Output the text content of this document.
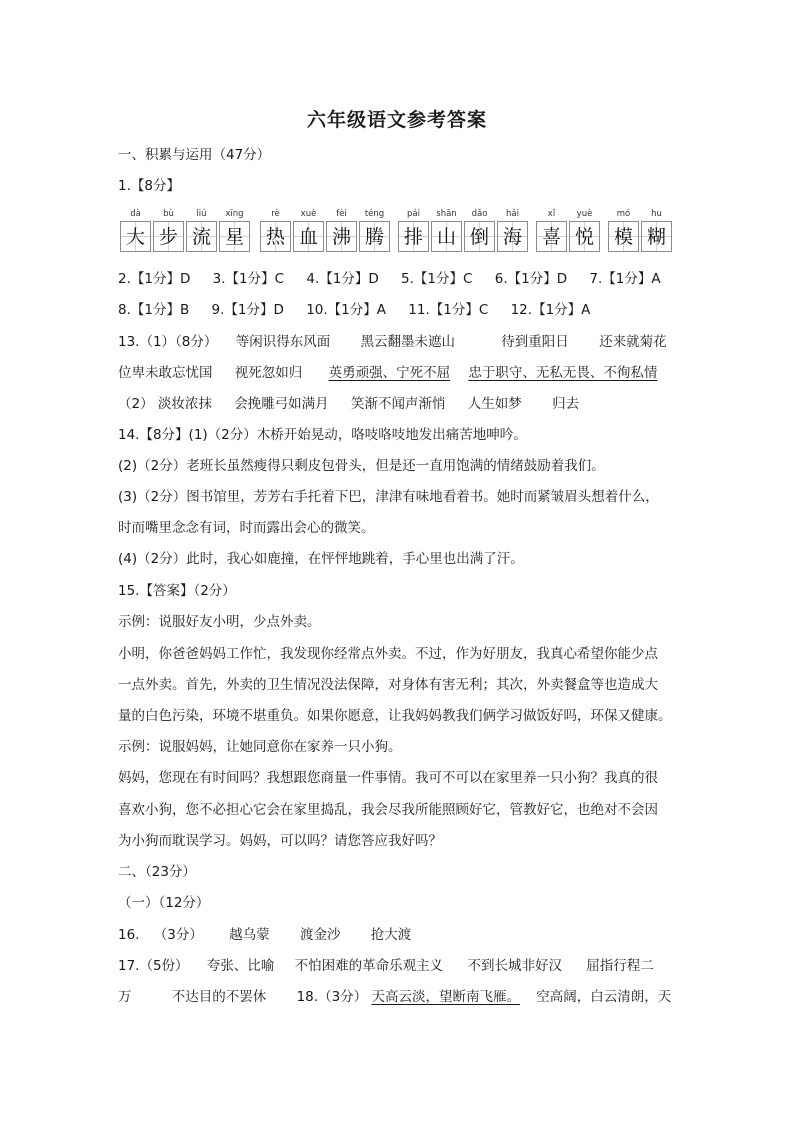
六年级语文参考答案
一、积累与运用（47分）
1.【8分】
dà
大
bù
步
liú
流
xīng
星
rè
热
xuè
血
fèi
沸
téng
腾
pái
排
shān
山
dǎo
倒
hǎi
海
xǐ
喜
yuè
悦
mó
模
hu
糊
2.【1分】D 3.【1分】C 4.【1分】D 5.【1分】C 6.【1分】D 7.【1分】A
8.【1分】B 9.【1分】D 10.【1分】A 11.【1分】C 12.【1分】A
13.（1）（8分） 等闲识得东风面 黑云翻墨未遮山	待到重阳日 还来就菊花
位卑未敢忘忧国 视死忽如归 英勇顽强、宁死不屈 忠于职守、无私无畏、不徇私情
（2） 淡妆浓抹 会挽雕弓如满月 笑渐不闻声渐悄 人生如梦 归去
14.【8分】(1)（2分）木桥开始晃动，咯吱咯吱地发出痛苦地呻吟。
(2)（2分）老班长虽然瘦得只剩皮包骨头，但是还一直用饱满的情绪鼓励着我们。
(3)（2分）图书馆里，芳芳右手托着下巴，津津有味地看着书。她时而紧皱眉头想着什么，
时而嘴里念念有词，时而露出会心的微笑。
(4)（2分）此时，我心如鹿撞，在怦怦地跳着，手心里也出满了汗。
15.【答案】（2分）
示例：说服好友小明，少点外卖。
小明，你爸爸妈妈工作忙，我发现你经常点外卖。不过，作为好朋友，我真心希望你能少点
一点外卖。首先，外卖的卫生情况没法保障，对身体有害无利；其次，外卖餐盒等也造成大
量的白色污染，环境不堪重负。如果你愿意，让我妈妈教我们俩学习做饭好吗，环保又健康。
示例：说服妈妈，让她同意你在家养一只小狗。
妈妈，您现在有时间吗？我想跟您商量一件事情。我可不可以在家里养一只小狗？我真的很
喜欢小狗，您不必担心它会在家里捣乱，我会尽我所能照顾好它，管教好它，也绝对不会因
为小狗而耽误学习。妈妈，可以吗？请您答应我好吗？
二、（23分）
（一）（12分）
16. （3分） 越乌蒙 渡金沙 抢大渡
17.（5份） 夸张、比喻 不怕困难的革命乐观主义 不到长城非好汉 屈指行程二
万	不达目的不罢休 18.（3分） 天高云淡，望断南飞雁。 空高阔，白云清朗，天
